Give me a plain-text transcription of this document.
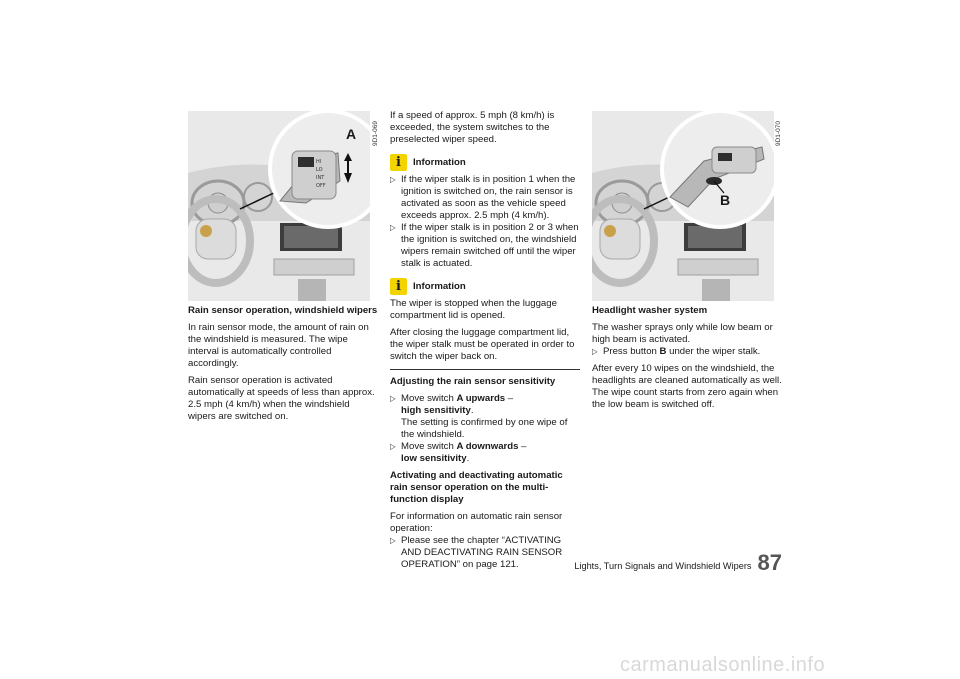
HI
LO
INT
OFF
9D1-069
A
Rain sensor operation, windshield wipers

In rain sensor mode, the amount of rain on the windshield is measured. The wipe interval is automatically controlled accordingly.

Rain sensor operation is activated automatically at speeds of less than approx. 2.5 mph (4 km/h) when the windshield wipers are switched on.

If a speed of approx. 5 mph (8 km/h) is exceeded, the system switches to the preselected wiper speed.

i	Information
▷ If the wiper stalk is in position 1 when the ignition is switched on, the rain sensor is activated as soon as the vehicle speed exceeds approx. 2.5 mph (4 km/h).
▷ If the wiper stalk is in position 2 or 3 when the ignition is switched on, the windshield wipers remain switched off until the wiper stalk is actuated.
i	Information

The wiper is stopped when the luggage compartment lid is opened.

After closing the luggage compartment lid, the wiper stalk must be operated in order to switch the wiper back on.

Adjusting the rain sensor sensitivity
▷ Move switch A upwards –
high sensitivity.
The setting is confirmed by one wipe of the windshield.
▷ Move switch A downwards –
low sensitivity.
Activating and deactivating automatic rain sensor operation on the multi-function display

For information on automatic rain sensor operation:

▷ Please see the chapter “ACTIVATING AND DEACTIVATING RAIN SENSOR OPERATION” on page 121.
9D1-070
B
Headlight washer system

The washer sprays only while low beam or high beam is activated.

▷ Press button B under the wiper stalk.

After every 10 wipes on the windshield, the headlights are cleaned automatically as well. The wipe count starts from zero again when the low beam is switched off.

Lights, Turn Signals and Windshield Wipers 87
carmanualsonline.info
